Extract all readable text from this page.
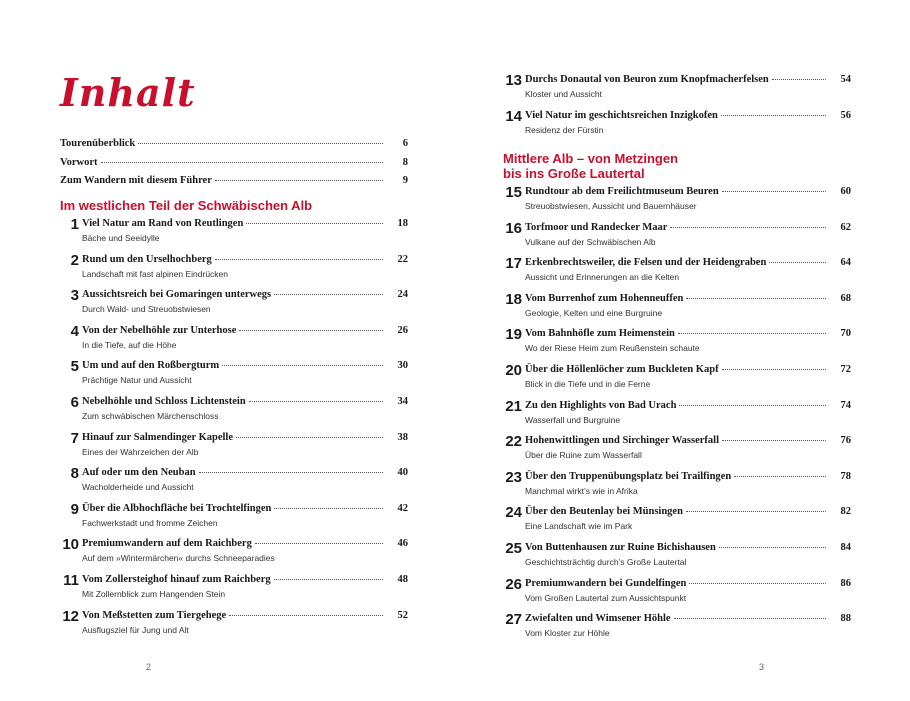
Inhalt
Tourenüberblick	6
Vorwort	8
Zum Wandern mit diesem Führer	9
Im westlichen Teil der Schwäbischen Alb
1 Viel Natur am Rand von Reutlingen	18
Bäche und Seeidylle
2 Rund um den Urselhochberg	22
Landschaft mit fast alpinen Eindrücken
3 Aussichtsreich bei Gomaringen unterwegs	24
Durch Wald- und Streuobstwiesen
4 Von der Nebelhöhle zur Unterhose	26
In die Tiefe, auf die Höhe
5 Um und auf den Roßbergturm	30
Prächtige Natur und Aussicht
6 Nebelhöhle und Schloss Lichtenstein	34
Zum schwäbischen Märchenschloss
7 Hinauf zur Salmendinger Kapelle	38
Eines der Wahrzeichen der Alb
8 Auf oder um den Neuban	40
Wacholderheide und Aussicht
9 Über die Albhochfläche bei Trochtelfingen	42
Fachwerkstadt und fromme Zeichen
10 Premiumwandern auf dem Raichberg	46
Auf dem »Wintermärchen« durchs Schneeparadies
11 Vom Zollersteighof hinauf zum Raichberg	48
Mit Zollernblick zum Hangenden Stein
12 Von Meßstetten zum Tiergehege	52
Ausflugsziel für Jung und Alt
2
13 Durchs Donautal von Beuron zum Knopfmacherfelsen	54
Kloster und Aussicht
14 Viel Natur im geschichtsreichen Inzigkofen	56
Residenz der Fürstin
Mittlere Alb – von Metzingen
bis ins Große Lautertal
15 Rundtour ab dem Freilichtmuseum Beuren	60
Streuobstwiesen, Aussicht und Bauernhäuser
16 Torfmoor und Randecker Maar	62
Vulkane auf der Schwäbischen Alb
17 Erkenbrechtsweiler, die Felsen und der Heidengraben	64
Aussicht und Erinnerungen an die Kelten
18 Vom Burrenhof zum Hohenneuffen	68
Geologie, Kelten und eine Burgruine
19 Vom Bahnhöfle zum Heimenstein	70
Wo der Riese Heim zum Reußenstein schaute
20 Über die Höllenlöcher zum Buckleten Kapf	72
Blick in die Tiefe und in die Ferne
21 Zu den Highlights von Bad Urach	74
Wasserfall und Burgruine
22 Hohenwittlingen und Sirchinger Wasserfall	76
Über die Ruine zum Wasserfall
23 Über den Truppenübungsplatz bei Trailfingen	78
Manchmal wirkt’s wie in Afrika
24 Über den Beutenlay bei Münsingen	82
Eine Landschaft wie im Park
25 Von Buttenhausen zur Ruine Bichishausen	84
Geschichtsträchtig durch’s Große Lautertal
26 Premiumwandern bei Gundelfingen	86
Vom Großen Lautertal zum Aussichtspunkt
27 Zwiefalten und Wimsener Höhle	88
Vom Kloster zur Höhle
3
